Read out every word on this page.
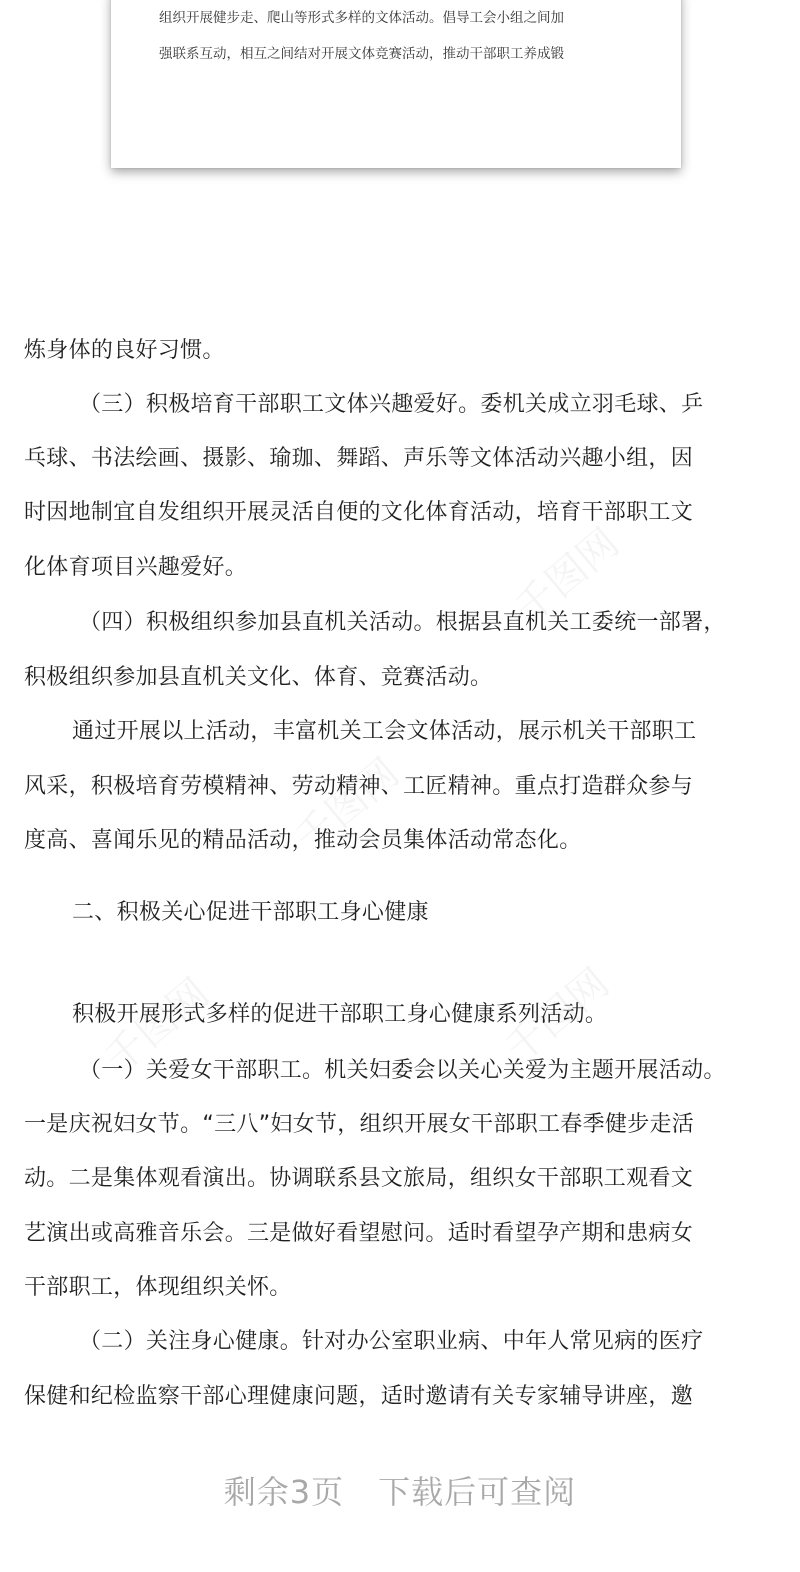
组织开展健步走、爬山等形式多样的文体活动。倡导工会小组之间加
强联系互动，相互之间结对开展文体竞赛活动，推动干部职工养成锻
炼身体的良好习惯。
（三）积极培育干部职工文体兴趣爱好。委机关成立羽毛球、乒
乓球、书法绘画、摄影、瑜珈、舞蹈、声乐等文体活动兴趣小组，因
时因地制宜自发组织开展灵活自便的文化体育活动，培育干部职工文
化体育项目兴趣爱好。
（四）积极组织参加县直机关活动。根据县直机关工委统一部署，
积极组织参加县直机关文化、体育、竞赛活动。
通过开展以上活动，丰富机关工会文体活动，展示机关干部职工
风采，积极培育劳模精神、劳动精神、工匠精神。重点打造群众参与
度高、喜闻乐见的精品活动，推动会员集体活动常态化。
二、积极关心促进干部职工身心健康
积极开展形式多样的促进干部职工身心健康系列活动。
（一）关爱女干部职工。机关妇委会以关心关爱为主题开展活动。
一是庆祝妇女节。“三八”妇女节，组织开展女干部职工春季健步走活
动。二是集体观看演出。协调联系县文旅局，组织女干部职工观看文
艺演出或高雅音乐会。三是做好看望慰问。适时看望孕产期和患病女
干部职工，体现组织关怀。
（二）关注身心健康。针对办公室职业病、中年人常见病的医疗
保健和纪检监察干部心理健康问题，适时邀请有关专家辅导讲座，邀
剩余3页 下载后可查阅
